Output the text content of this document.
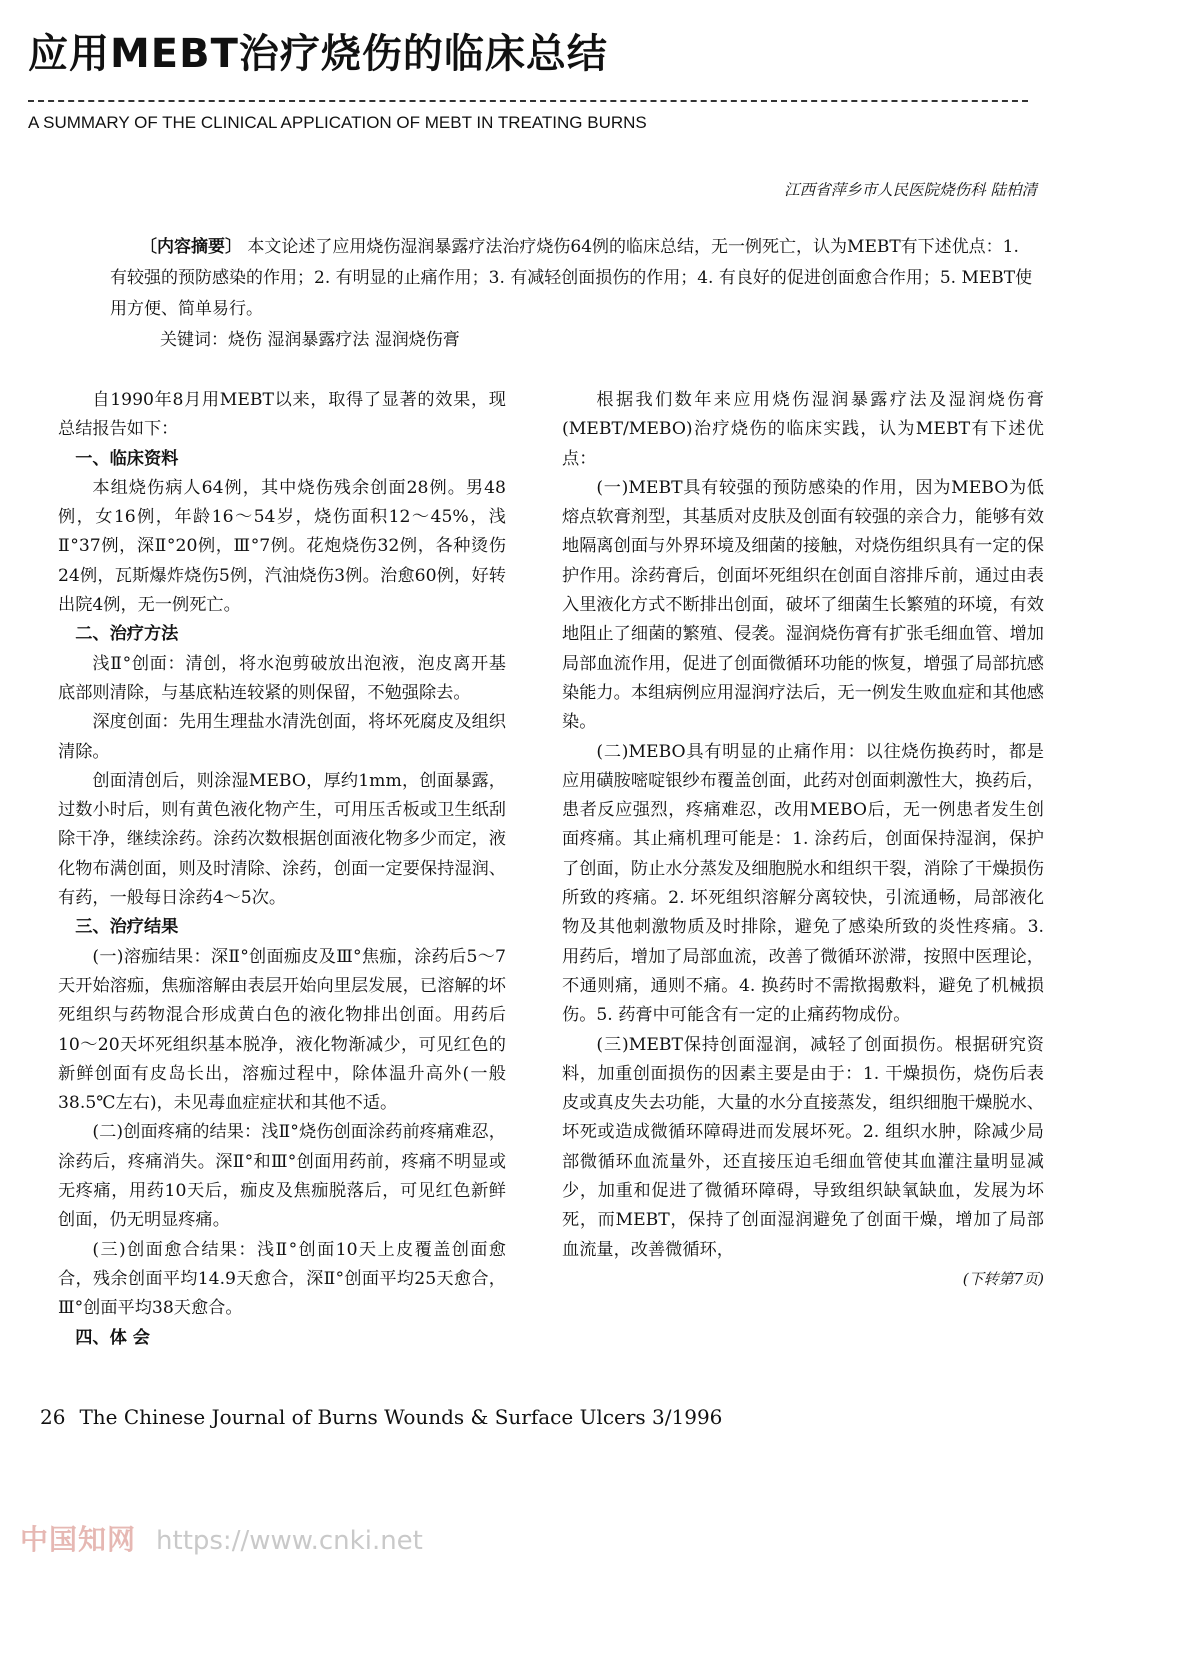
应用MEBT治疗烧伤的临床总结
A SUMMARY OF THE CLINICAL APPLICATION OF MEBT IN TREATING BURNS
江西省萍乡市人民医院烧伤科 陆柏清

〔内容摘要〕 本文论述了应用烧伤湿润暴露疗法治疗烧伤64例的临床总结，无一例死亡，认为MEBT有下述优点：1. 有较强的预防感染的作用；2. 有明显的止痛作用；3. 有减轻创面损伤的作用；4. 有良好的促进创面愈合作用；5. MEBT使用方便、简单易行。

关键词：烧伤 湿润暴露疗法 湿润烧伤膏

自1990年8月用MEBT以来，取得了显著的效果，现总结报告如下：

一、临床资料

本组烧伤病人64例，其中烧伤残余创面28例。男48例，女16例，年龄16～54岁，烧伤面积12～45%，浅Ⅱ°37例，深Ⅱ°20例，Ⅲ°7例。花炮烧伤32例，各种烫伤24例，瓦斯爆炸烧伤5例，汽油烧伤3例。治愈60例，好转出院4例，无一例死亡。

二、治疗方法

浅Ⅱ°创面：清创，将水泡剪破放出泡液，泡皮离开基底部则清除，与基底粘连较紧的则保留，不勉强除去。

深度创面：先用生理盐水清洗创面，将坏死腐皮及组织清除。

创面清创后，则涂湿MEBO，厚约1mm，创面暴露，过数小时后，则有黄色液化物产生，可用压舌板或卫生纸刮除干净，继续涂药。涂药次数根据创面液化物多少而定，液化物布满创面，则及时清除、涂药，创面一定要保持湿润、有药，一般每日涂药4～5次。

三、治疗结果

(一)溶痂结果：深Ⅱ°创面痂皮及Ⅲ°焦痂，涂药后5～7天开始溶痂，焦痂溶解由表层开始向里层发展，已溶解的坏死组织与药物混合形成黄白色的液化物排出创面。用药后10～20天坏死组织基本脱净，液化物渐减少，可见红色的新鲜创面有皮岛长出，溶痂过程中，除体温升高外(一般38.5℃左右)，未见毒血症症状和其他不适。

(二)创面疼痛的结果：浅Ⅱ°烧伤创面涂药前疼痛难忍，涂药后，疼痛消失。深Ⅱ°和Ⅲ°创面用药前，疼痛不明显或无疼痛，用药10天后，痂皮及焦痂脱落后，可见红色新鲜创面，仍无明显疼痛。

(三)创面愈合结果：浅Ⅱ°创面10天上皮覆盖创面愈合，残余创面平均14.9天愈合，深Ⅱ°创面平均25天愈合，Ⅲ°创面平均38天愈合。

四、体 会

根据我们数年来应用烧伤湿润暴露疗法及湿润烧伤膏(MEBT/MEBO)治疗烧伤的临床实践，认为MEBT有下述优点：

(一)MEBT具有较强的预防感染的作用，因为MEBO为低熔点软膏剂型，其基质对皮肤及创面有较强的亲合力，能够有效地隔离创面与外界环境及细菌的接触，对烧伤组织具有一定的保护作用。涂药膏后，创面坏死组织在创面自溶排斥前，通过由表入里液化方式不断排出创面，破坏了细菌生长繁殖的环境，有效地阻止了细菌的繁殖、侵袭。湿润烧伤膏有扩张毛细血管、增加局部血流作用，促进了创面微循环功能的恢复，增强了局部抗感染能力。本组病例应用湿润疗法后，无一例发生败血症和其他感染。

(二)MEBO具有明显的止痛作用：以往烧伤换药时，都是应用磺胺嘧啶银纱布覆盖创面，此药对创面刺激性大，换药后，患者反应强烈，疼痛难忍，改用MEBO后，无一例患者发生创面疼痛。其止痛机理可能是：1. 涂药后，创面保持湿润，保护了创面，防止水分蒸发及细胞脱水和组织干裂，消除了干燥损伤所致的疼痛。2. 坏死组织溶解分离较快，引流通畅，局部液化物及其他刺激物质及时排除，避免了感染所致的炎性疼痛。3. 用药后，增加了局部血流，改善了微循环淤滞，按照中医理论，不通则痛，通则不痛。4. 换药时不需揿揭敷料，避免了机械损伤。5. 药膏中可能含有一定的止痛药物成份。

(三)MEBT保持创面湿润，减轻了创面损伤。根据研究资料，加重创面损伤的因素主要是由于：1. 干燥损伤，烧伤后表皮或真皮失去功能，大量的水分直接蒸发，组织细胞干燥脱水、坏死或造成微循环障碍进而发展坏死。2. 组织水肿，除减少局部微循环血流量外，还直接压迫毛细血管使其血灌注量明显减少，加重和促进了微循环障碍，导致组织缺氧缺血，发展为坏死，而MEBT，保持了创面湿润避免了创面干燥，增加了局部血流量，改善微循环，

(下转第7页)

26 The Chinese Journal of Burns Wounds & Surface Ulcers 3/1996
中国知网 https://www.cnki.net
